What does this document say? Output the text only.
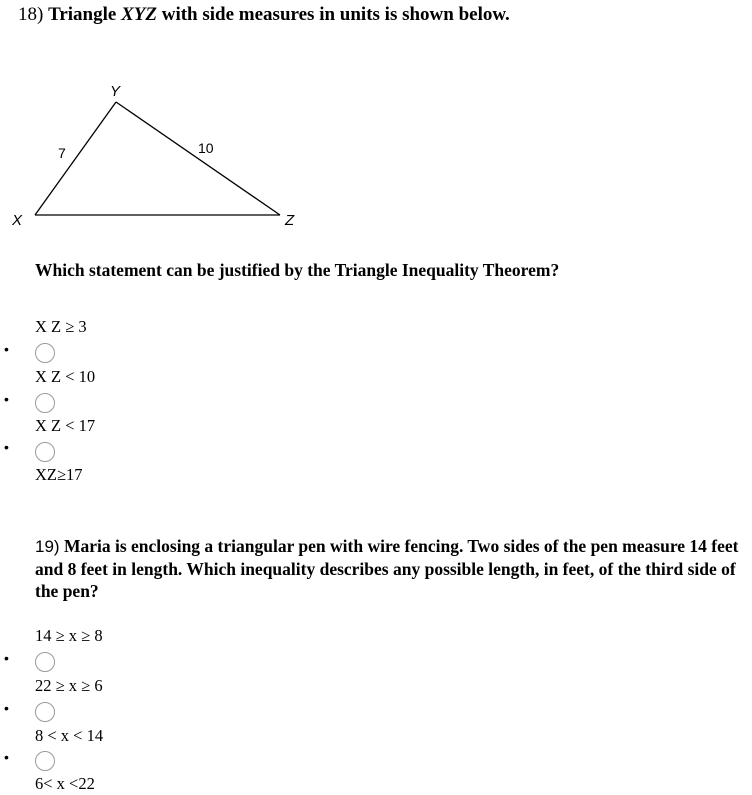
18) Triangle XYZ with side measures in units is shown below.
X
Y
Z
7	10
Which statement can be justified by the Triangle Inequality Theorem?
X Z ≥ 3
•
X Z < 10
•
X Z < 17
•
XZ≥17
19) Maria is enclosing a triangular pen with wire fencing. Two sides of the pen measure 14 feet and 8 feet in length. Which inequality describes any possible length, in feet, of the third side of the pen?
14 ≥ x ≥ 8
•
22 ≥ x ≥ 6
•
8 < x < 14
•
6< x <22
